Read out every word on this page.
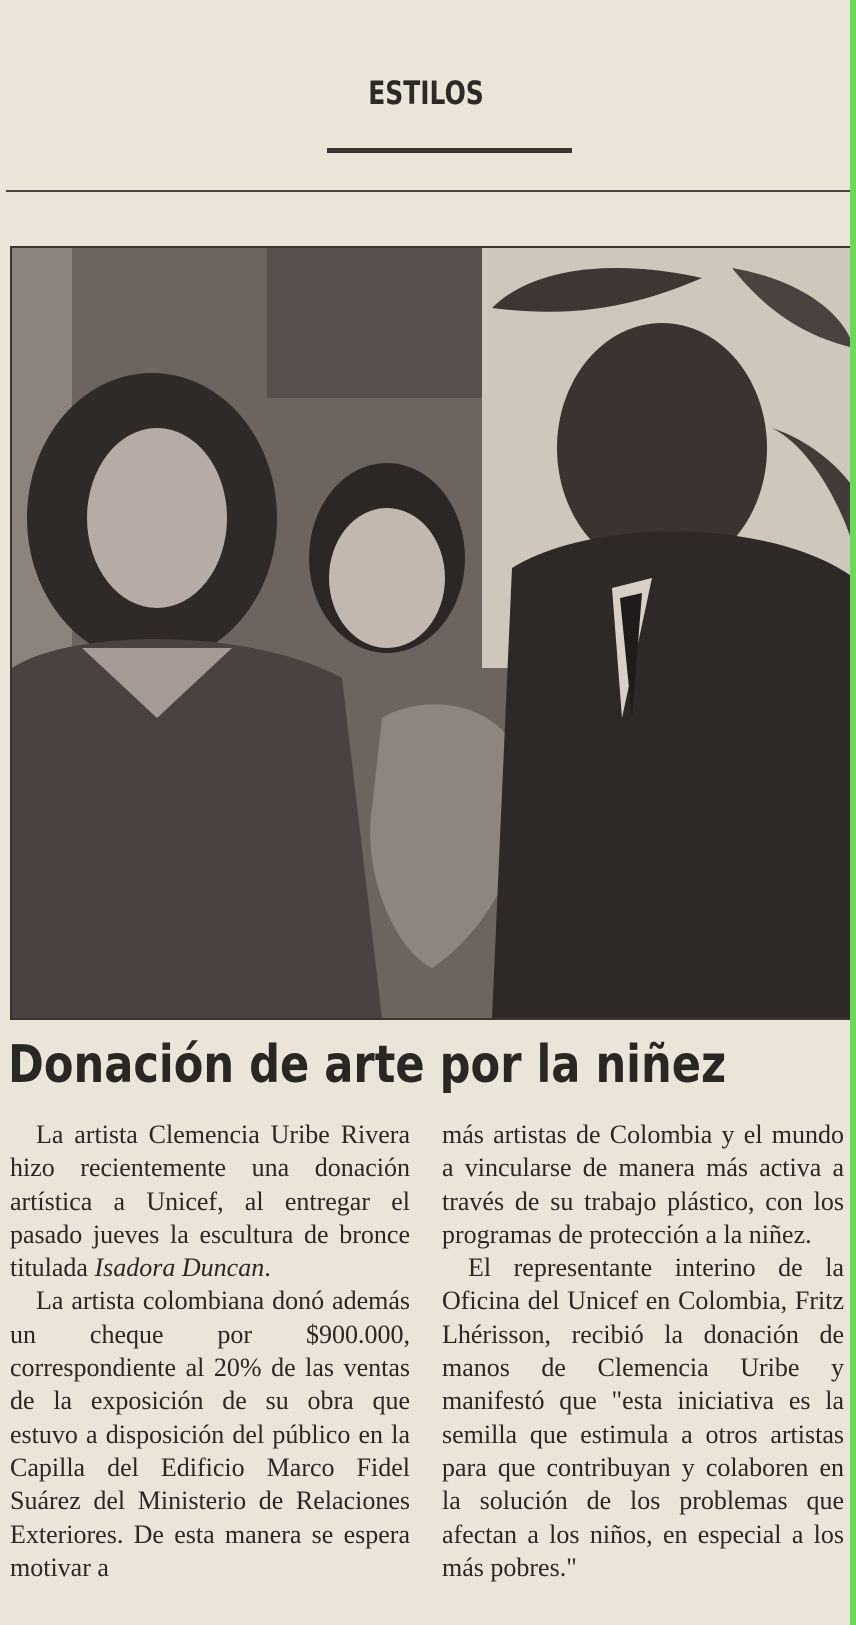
ESTILOS
Donación de arte por la niñez

La artista Clemencia Uribe Rivera hizo recientemente una donación artística a Unicef, al entregar el pasado jueves la escultura de bronce titulada Isadora Duncan.

La artista colombiana donó además un cheque por $900.000, correspondiente al 20% de las ventas de la exposición de su obra que estuvo a disposición del público en la Capilla del Edificio Marco Fidel Suárez del Ministerio de Relaciones Exteriores. De esta manera se espera motivar a

más artistas de Colombia y el mundo a vincularse de manera más activa a través de su trabajo plástico, con los programas de protección a la niñez.

El representante interino de la Oficina del Unicef en Colombia, Fritz Lhérisson, recibió la donación de manos de Clemencia Uribe y manifestó que "esta iniciativa es la semilla que estimula a otros artistas para que contribuyan y colaboren en la solución de los problemas que afectan a los niños, en especial a los más pobres."
